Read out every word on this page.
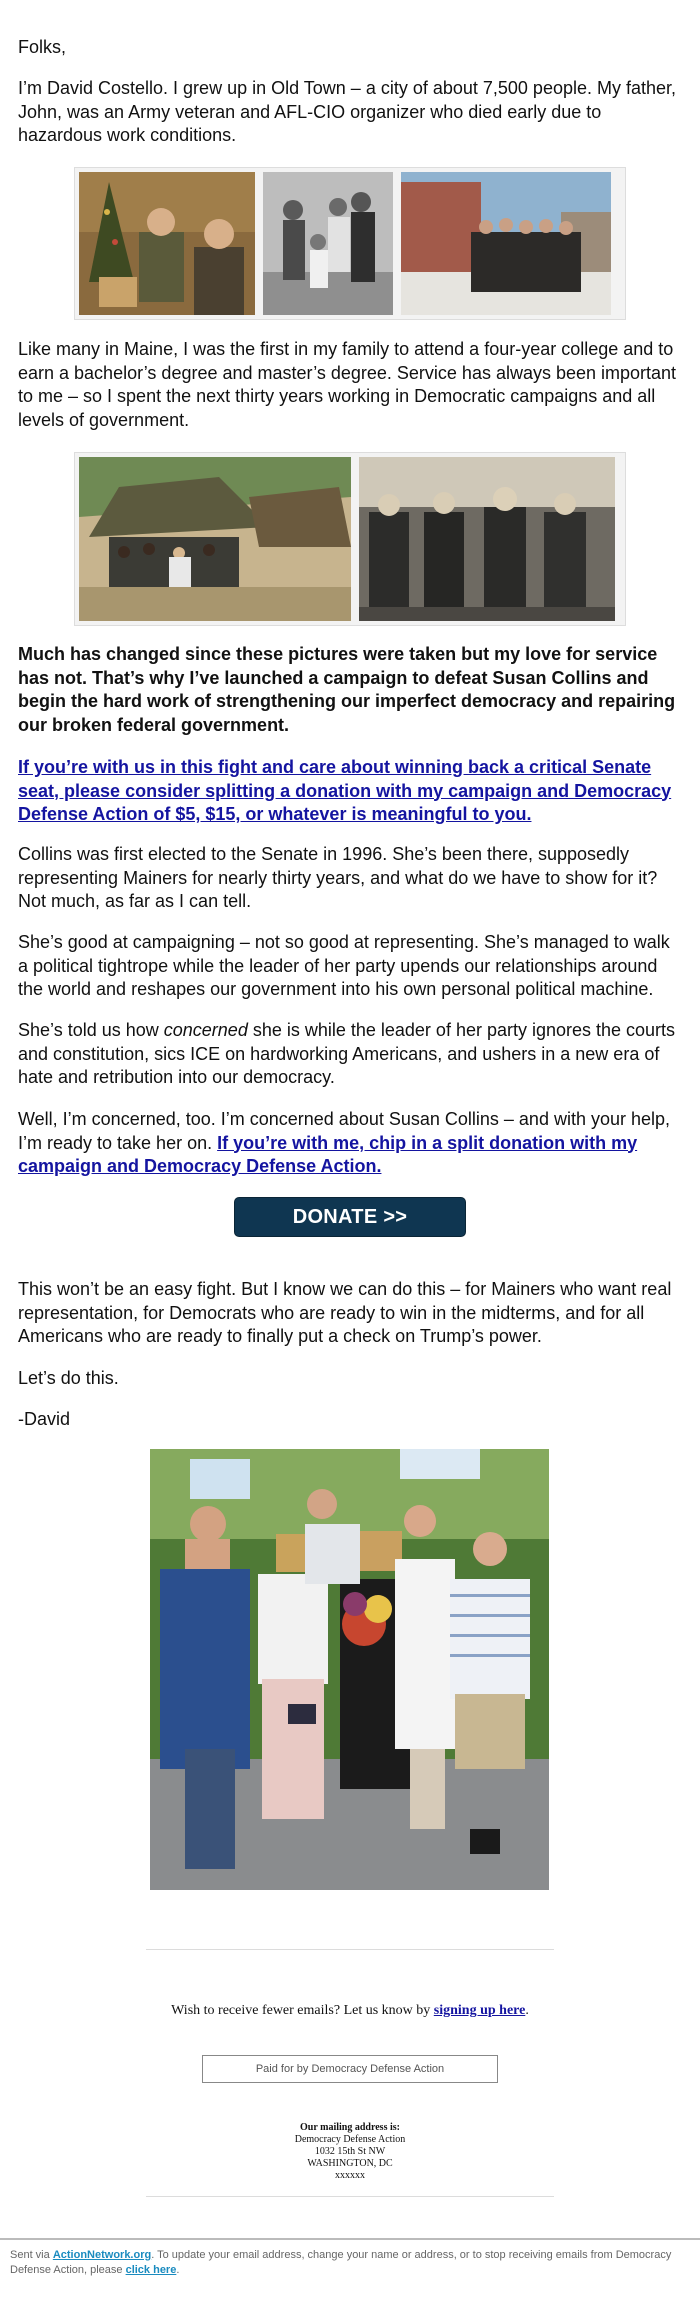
Folks,

I’m David Costello. I grew up in Old Town – a city of about 7,500 people. My father, John, was an Army veteran and AFL-CIO organizer who died early due to hazardous work conditions.

Like many in Maine, I was the first in my family to attend a four-year college and to earn a bachelor’s degree and master’s degree. Service has always been important to me – so I spent the next thirty years working in Democratic campaigns and all levels of government.

Much has changed since these pictures were taken but my love for service has not. That’s why I’ve launched a campaign to defeat Susan Collins and begin the hard work of strengthening our imperfect democracy and repairing our broken federal government.

If you’re with us in this fight and care about winning back a critical Senate seat, please consider splitting a donation with my campaign and Democracy Defense Action of $5, $15, or whatever is meaningful to you.

Collins was first elected to the Senate in 1996. She’s been there, supposedly representing Mainers for nearly thirty years, and what do we have to show for it? Not much, as far as I can tell.

She’s good at campaigning – not so good at representing. She’s managed to walk a political tightrope while the leader of her party upends our relationships around the world and reshapes our government into his own personal political machine.

She’s told us how concerned she is while the leader of her party ignores the courts and constitution, sics ICE on hardworking Americans, and ushers in a new era of hate and retribution into our democracy.

Well, I’m concerned, too. I’m concerned about Susan Collins – and with your help, I’m ready to take her on. If you’re with me, chip in a split donation with my campaign and Democracy Defense Action.

DONATE >>

This won’t be an easy fight. But I know we can do this – for Mainers who want real representation, for Democrats who are ready to win in the midterms, and for all Americans who are ready to finally put a check on Trump’s power.

Let’s do this.

-David

Wish to receive fewer emails? Let us know by signing up here.
Paid for by Democracy Defense Action
Our mailing address is:
Democracy Defense Action
1032 15th St NW
WASHINGTON, DC
xxxxxx
Sent via ActionNetwork.org. To update your email address, change your name or address, or to stop receiving emails from Democracy Defense Action, please click here.
